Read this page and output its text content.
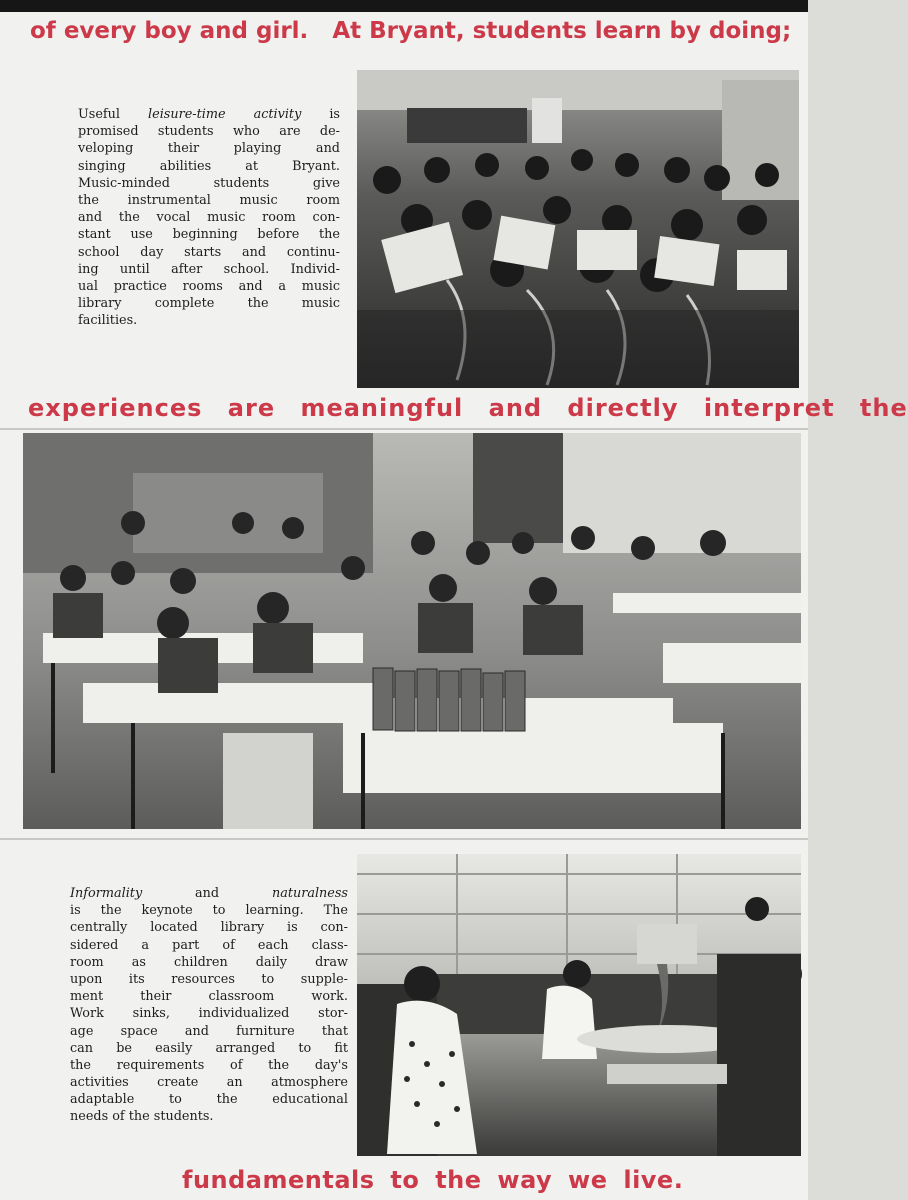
of every boy and girl.   At Bryant, students learn by doing;

Useful leisure-time activity is
promised students who are de-
veloping their playing and
singing abilities at Bryant.
Music-minded students give
the instrumental music room
and the vocal music room con-
stant use beginning before the
school day starts and continu-
ing until after school. Individ-
ual practice rooms and a music
library complete the music
facilities.

experiences are meaningful and directly interpret the

Informality and naturalness
is the keynote to learning. The
centrally located library is con-
sidered a part of each class-
room as children daily draw
upon its resources to supple-
ment their classroom work.
Work sinks, individualized stor-
age space and furniture that
can be easily arranged to fit
the requirements of the day's
activities create an atmosphere
adaptable to the educational
needs of the students.

fundamentals to the way we live.
